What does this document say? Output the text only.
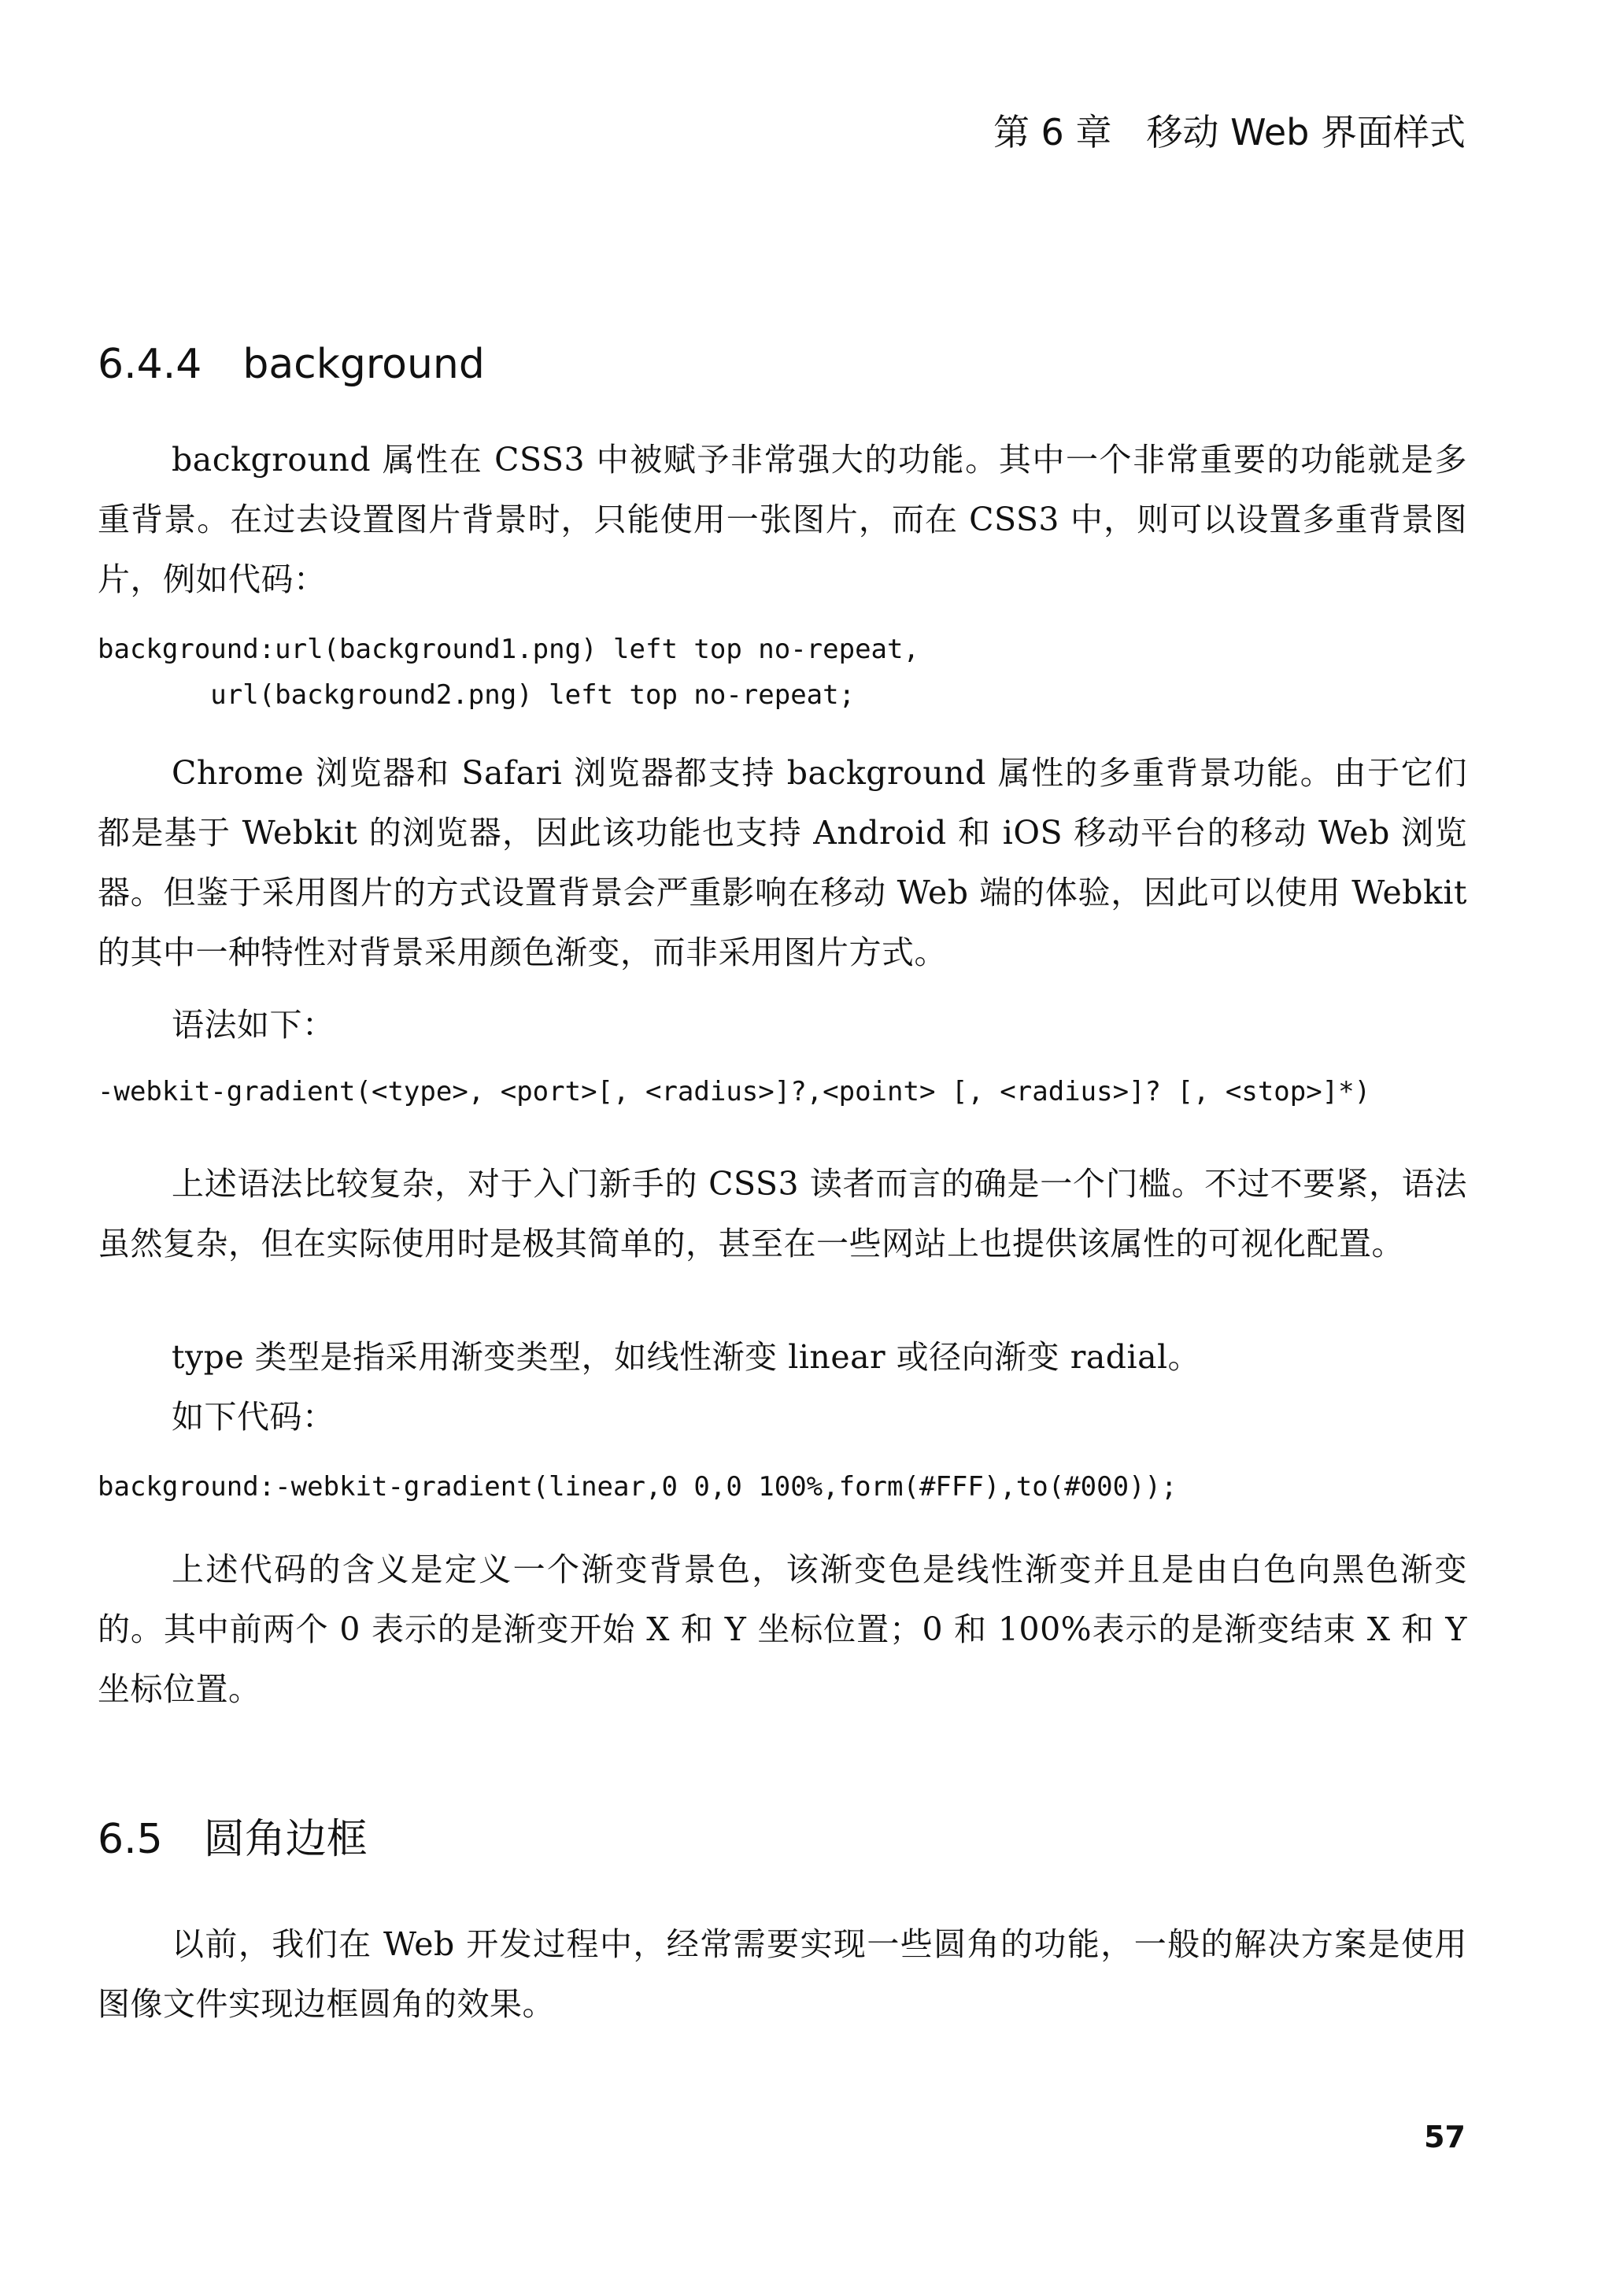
第 6 章 移动 Web 界面样式
6.4.4 background

background 属性在 CSS3 中被赋予非常强大的功能。其中一个非常重要的功能就是多重背景。在过去设置图片背景时，只能使用一张图片，而在 CSS3 中，则可以设置多重背景图片，例如代码：

background:url(background1.png) left top no-repeat,
url(background2.png) left top no-repeat;

Chrome 浏览器和 Safari 浏览器都支持 background 属性的多重背景功能。由于它们都是基于 Webkit 的浏览器，因此该功能也支持 Android 和 iOS 移动平台的移动 Web 浏览器。但鉴于采用图片的方式设置背景会严重影响在移动 Web 端的体验，因此可以使用 Webkit 的其中一种特性对背景采用颜色渐变，而非采用图片方式。

语法如下：

-webkit-gradient(<type>, <port>[, <radius>]?,<point> [, <radius>]? [, <stop>]*)

上述语法比较复杂，对于入门新手的 CSS3 读者而言的确是一个门槛。不过不要紧，语法虽然复杂，但在实际使用时是极其简单的，甚至在一些网站上也提供该属性的可视化配置。

type 类型是指采用渐变类型，如线性渐变 linear 或径向渐变 radial。

如下代码：

background:-webkit-gradient(linear,0 0,0 100%,form(#FFF),to(#000));

上述代码的含义是定义一个渐变背景色，该渐变色是线性渐变并且是由白色向黑色渐变的。其中前两个 0 表示的是渐变开始 X 和 Y 坐标位置；0 和 100%表示的是渐变结束 X 和 Y 坐标位置。

6.5 圆角边框

以前，我们在 Web 开发过程中，经常需要实现一些圆角的功能，一般的解决方案是使用图像文件实现边框圆角的效果。

57
